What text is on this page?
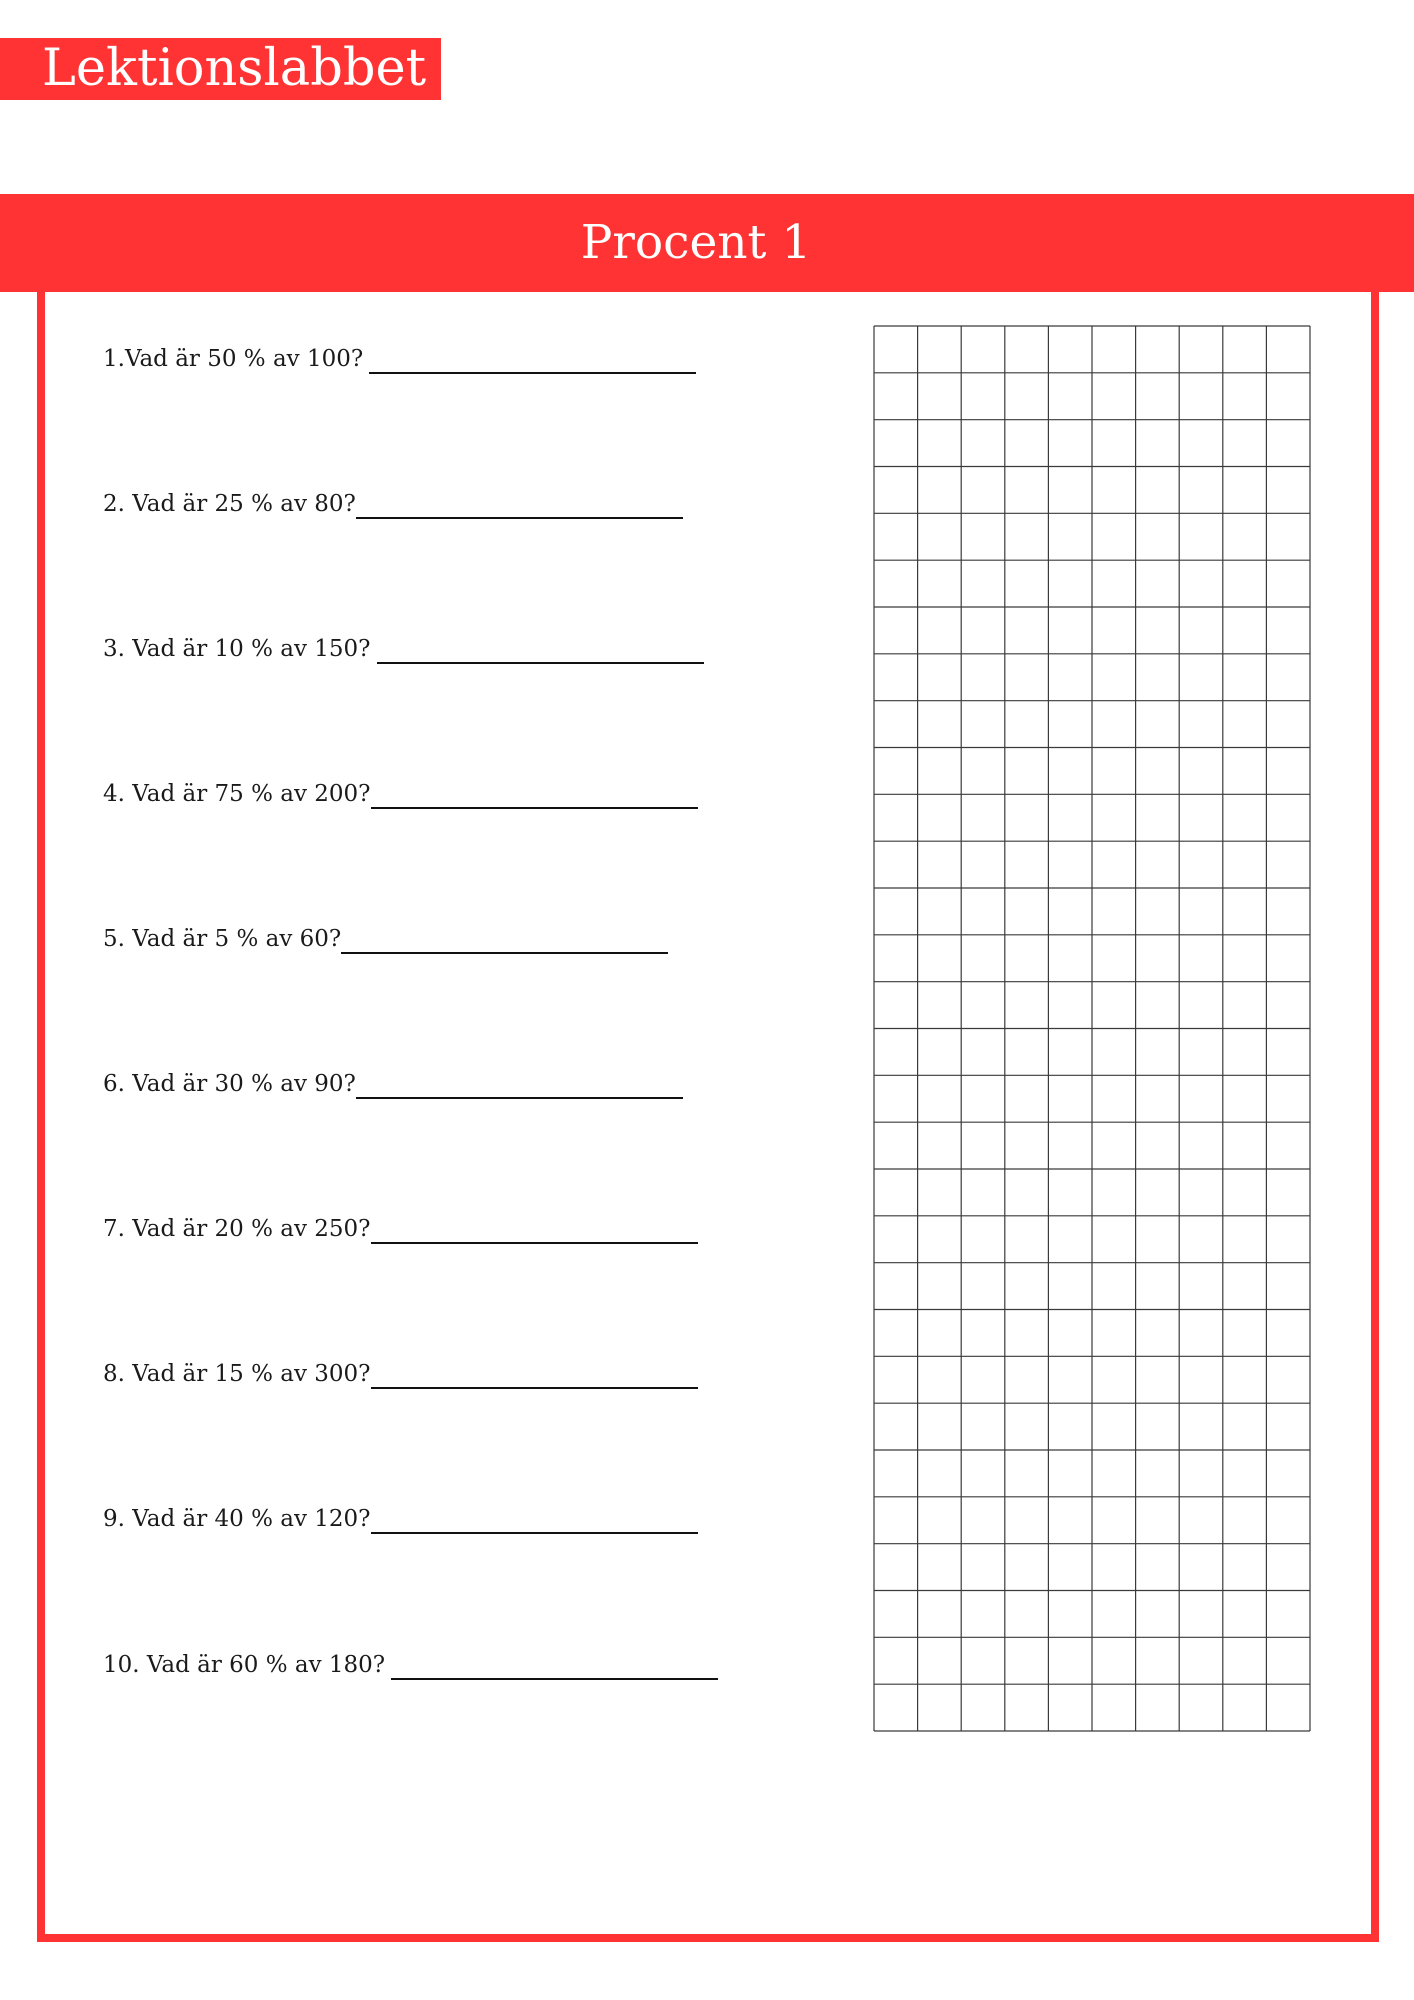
Lektionslabbet
Procent 1
1.Vad är 50 % av 100?
2. Vad är 25 % av 80?
3. Vad är 10 % av 150?
4. Vad är 75 % av 200?
5. Vad är 5 % av 60?
6. Vad är 30 % av 90?
7. Vad är 20 % av 250?
8. Vad är 15 % av 300?
9. Vad är 40 % av 120?
10. Vad är 60 % av 180?
